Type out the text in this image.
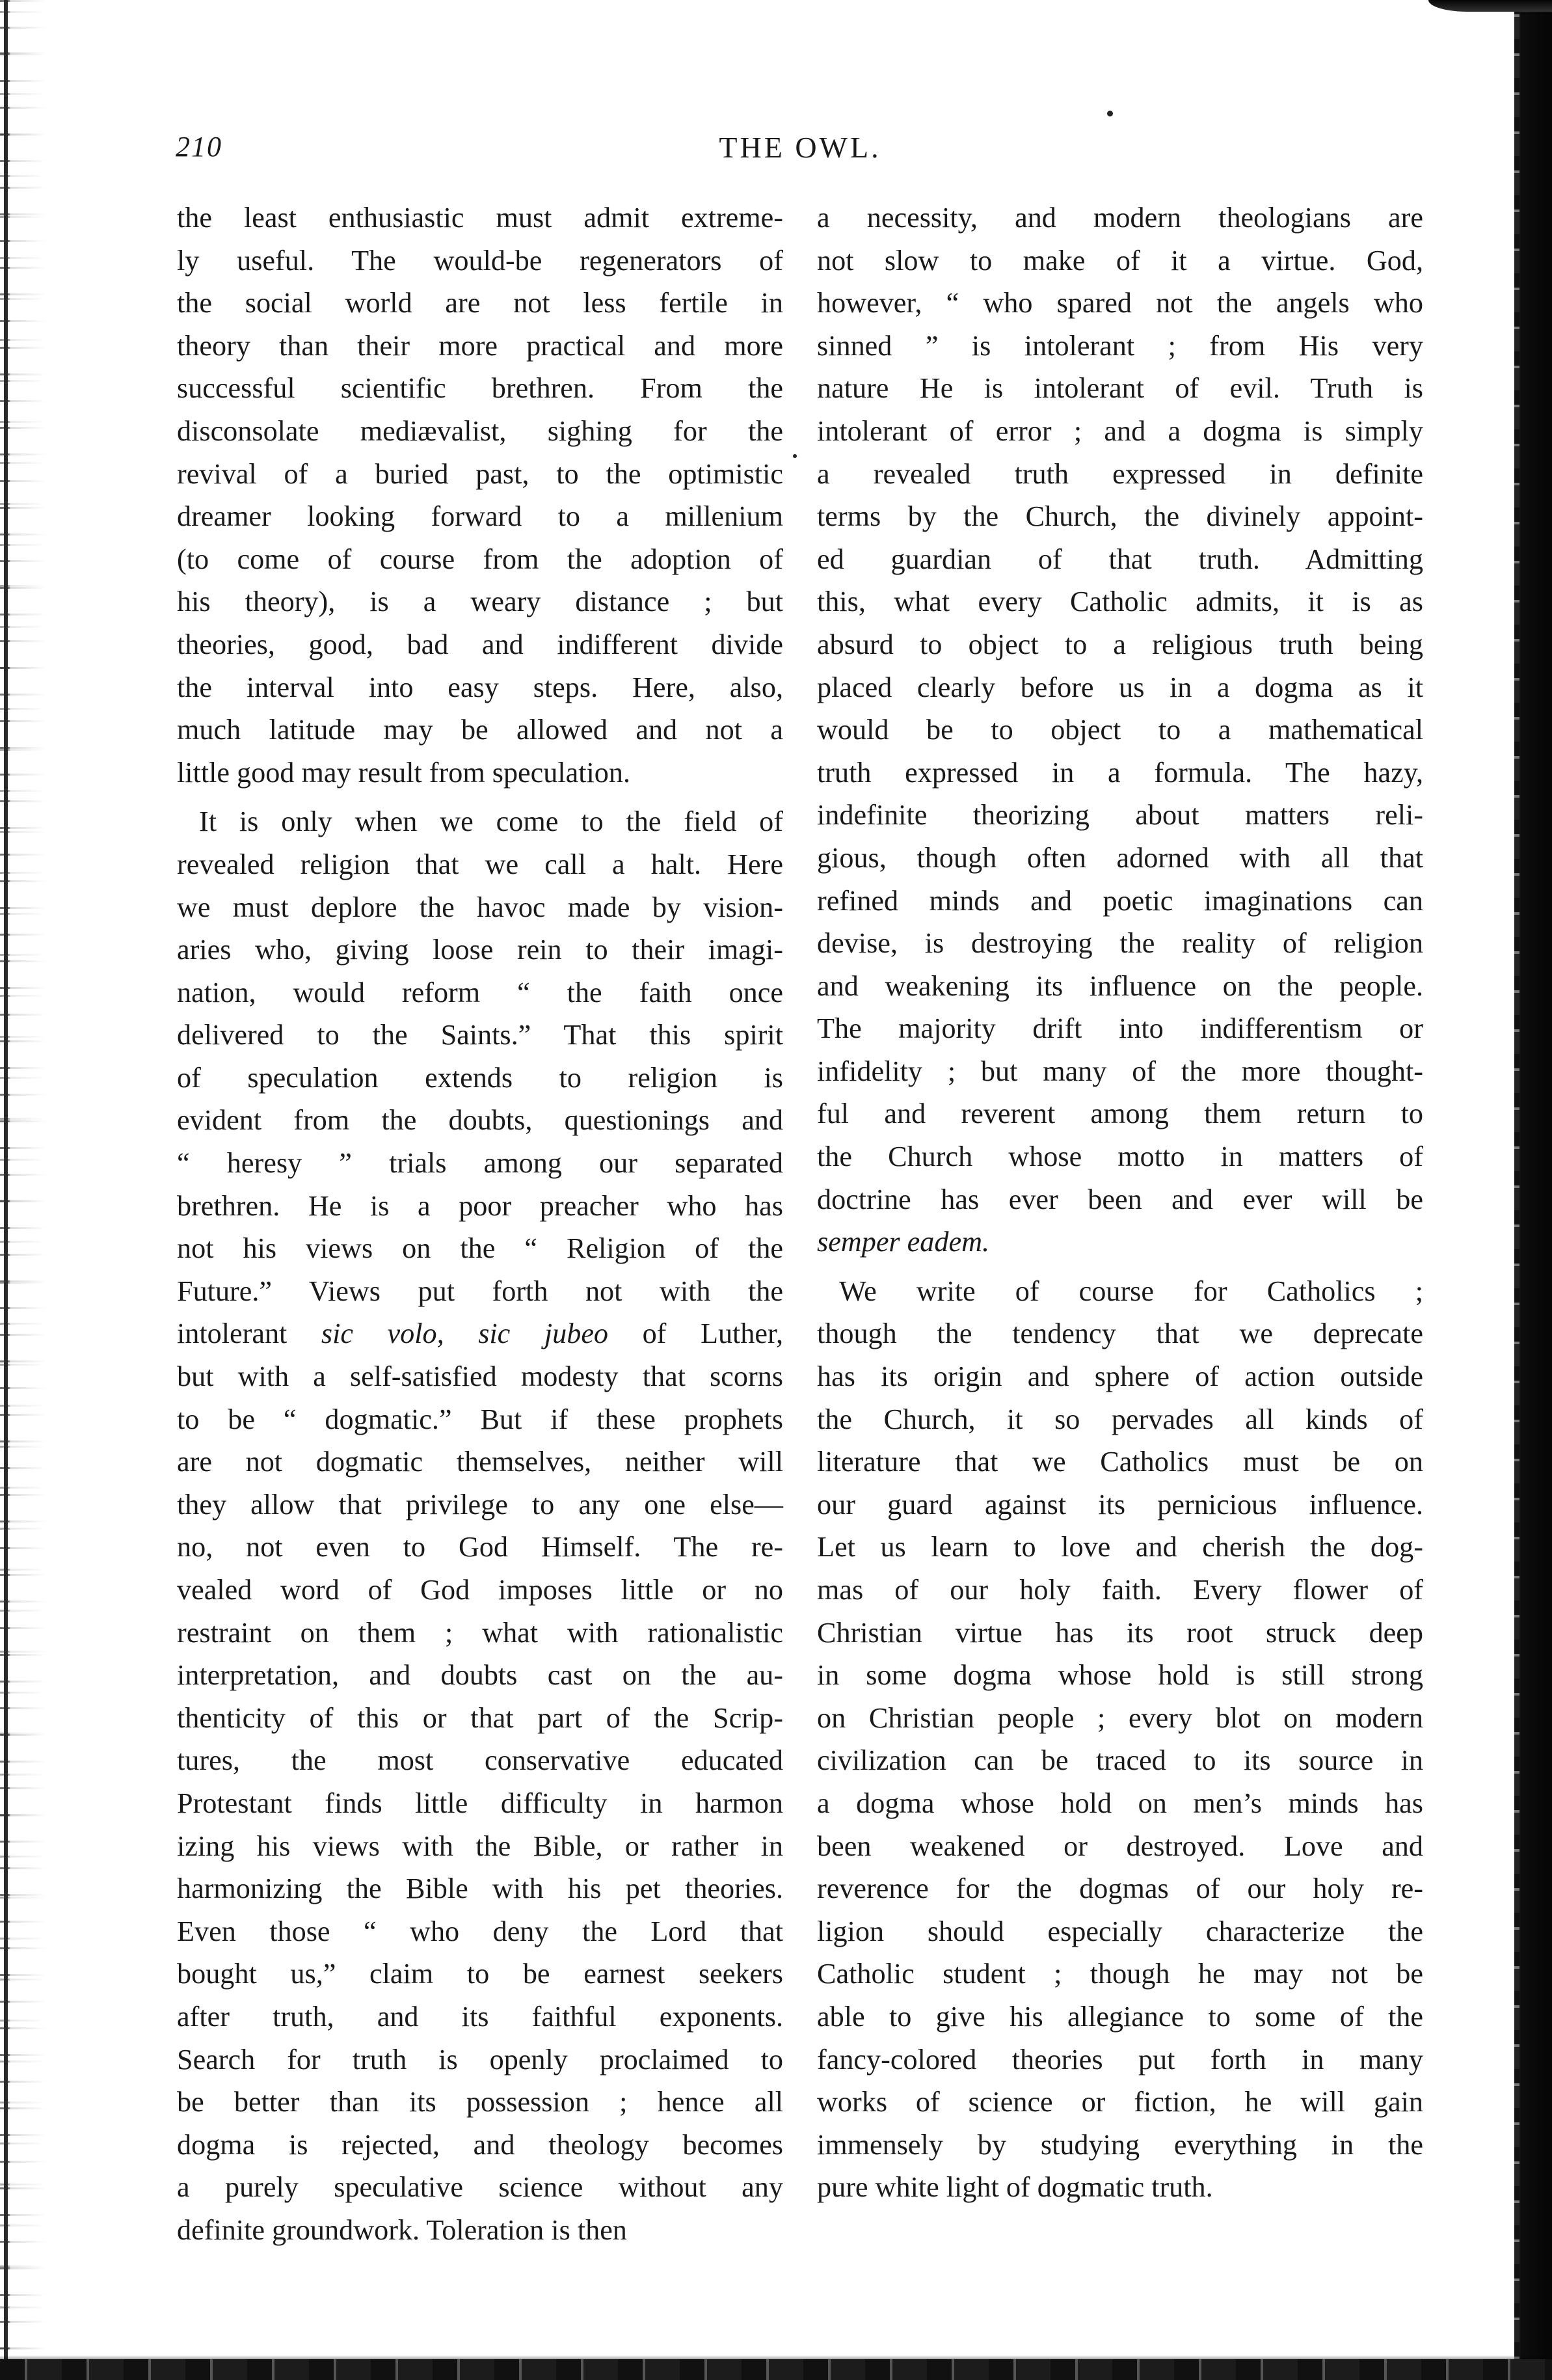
210	THE OWL.
the least enthusiastic must admit extreme-
ly useful. The would-be regenerators of
the social world are not less fertile in
theory than their more practical and more
successful scientific brethren. From the
disconsolate mediævalist, sighing for the
revival of a buried past, to the optimistic
dreamer looking forward to a millenium
(to come of course from the adoption of
his theory), is a weary distance ; but
theories, good, bad and indifferent divide
the interval into easy steps. Here, also,
much latitude may be allowed and not a
little good may result from speculation.
It is only when we come to the field of
revealed religion that we call a halt. Here
we must deplore the havoc made by vision-
aries who, giving loose rein to their imagi-
nation, would reform “ the faith once
delivered to the Saints.” That this spirit
of speculation extends to religion is
evident from the doubts, questionings and
“ heresy ” trials among our separated
brethren. He is a poor preacher who has
not his views on the “ Religion of the
Future.” Views put forth not with the
intolerant sic volo, sic jubeo of Luther,
but with a self-satisfied modesty that scorns
to be “ dogmatic.” But if these prophets
are not dogmatic themselves, neither will
they allow that privilege to any one else—
no, not even to God Himself. The re-
vealed word of God imposes little or no
restraint on them ; what with rationalistic
interpretation, and doubts cast on the au-
thenticity of this or that part of the Scrip-
tures, the most conservative educated
Protestant finds little difficulty in harmon
izing his views with the Bible, or rather in
harmonizing the Bible with his pet theories.
Even those “ who deny the Lord that
bought us,” claim to be earnest seekers
after truth, and its faithful exponents.
Search for truth is openly proclaimed to
be better than its possession ; hence all
dogma is rejected, and theology becomes
a purely speculative science without any
definite groundwork. Toleration is then
a necessity, and modern theologians are
not slow to make of it a virtue. God,
however, “ who spared not the angels who
sinned ” is intolerant ; from His very
nature He is intolerant of evil. Truth is
intolerant of error ; and a dogma is simply
a revealed truth expressed in definite
terms by the Church, the divinely appoint-
ed guardian of that truth. Admitting
this, what every Catholic admits, it is as
absurd to object to a religious truth being
placed clearly before us in a dogma as it
would be to object to a mathematical
truth expressed in a formula. The hazy,
indefinite theorizing about matters reli-
gious, though often adorned with all that
refined minds and poetic imaginations can
devise, is destroying the reality of religion
and weakening its influence on the people.
The majority drift into indifferentism or
infidelity ; but many of the more thought-
ful and reverent among them return to
the Church whose motto in matters of
doctrine has ever been and ever will be
semper eadem.
We write of course for Catholics ;
though the tendency that we deprecate
has its origin and sphere of action outside
the Church, it so pervades all kinds of
literature that we Catholics must be on
our guard against its pernicious influence.
Let us learn to love and cherish the dog-
mas of our holy faith. Every flower of
Christian virtue has its root struck deep
in some dogma whose hold is still strong
on Christian people ; every blot on modern
civilization can be traced to its source in
a dogma whose hold on men’s minds has
been weakened or destroyed. Love and
reverence for the dogmas of our holy re-
ligion should especially characterize the
Catholic student ; though he may not be
able to give his allegiance to some of the
fancy-colored theories put forth in many
works of science or fiction, he will gain
immensely by studying everything in the
pure white light of dogmatic truth.
